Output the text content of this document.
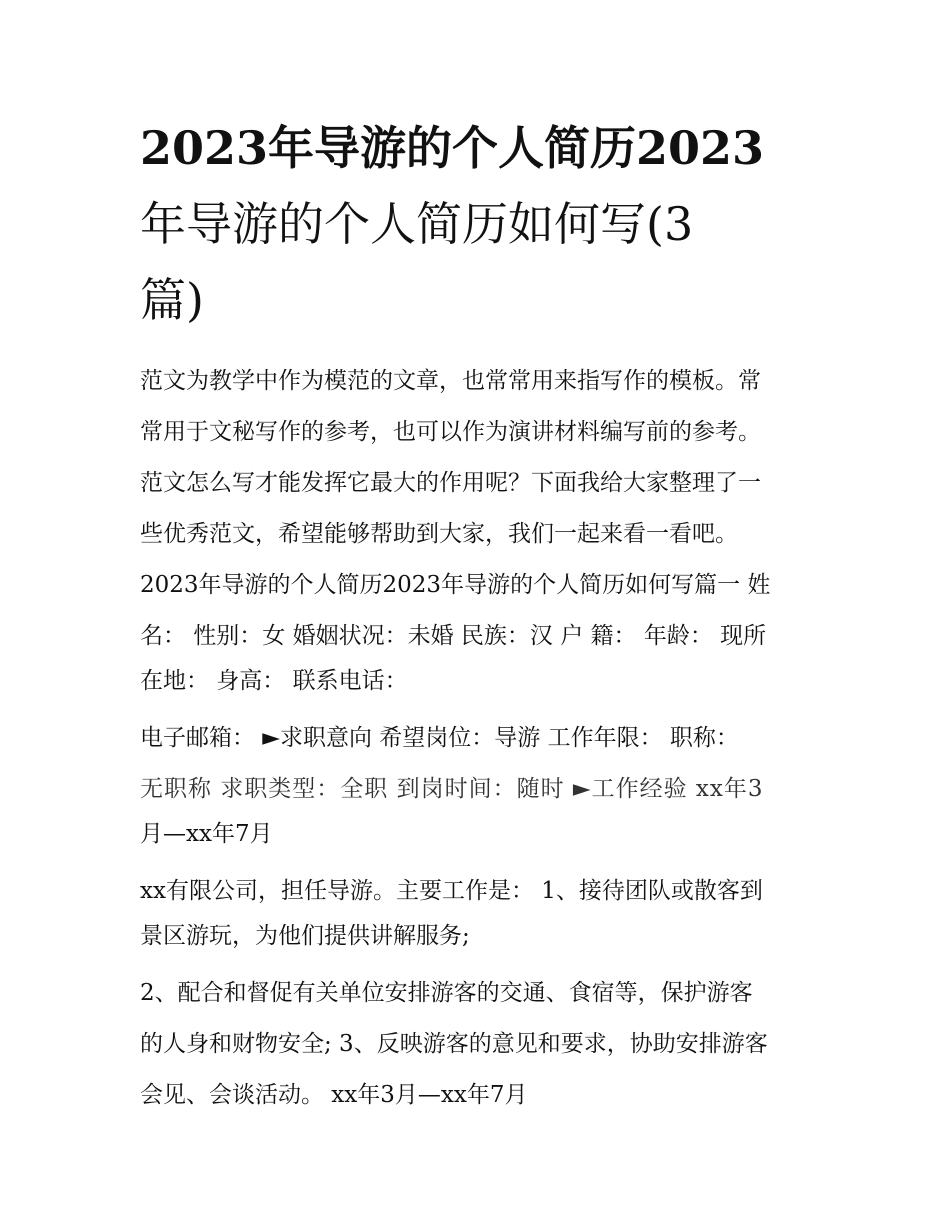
2023年导游的个人简历2023
年导游的个人简历如何写(3
篇)
范文为教学中作为模范的文章，也常常用来指写作的模板。常
常用于文秘写作的参考，也可以作为演讲材料编写前的参考。
范文怎么写才能发挥它最大的作用呢？下面我给大家整理了一
些优秀范文，希望能够帮助到大家，我们一起来看一看吧。
2023年导游的个人简历2023年导游的个人简历如何写篇一 姓
名： 性别：女 婚姻状况：未婚 民族：汉 户 籍： 年龄： 现所
在地： 身高： 联系电话：
电子邮箱： ►求职意向 希望岗位：导游 工作年限： 职称：
无职称 求职类型：全职 到岗时间：随时 ►工作经验 xx年3
月—xx年7月
xx有限公司，担任导游。主要工作是： 1、接待团队或散客到
景区游玩，为他们提供讲解服务;
2、配合和督促有关单位安排游客的交通、食宿等，保护游客
的人身和财物安全; 3、反映游客的意见和要求，协助安排游客
会见、会谈活动。 xx年3月—xx年7月
